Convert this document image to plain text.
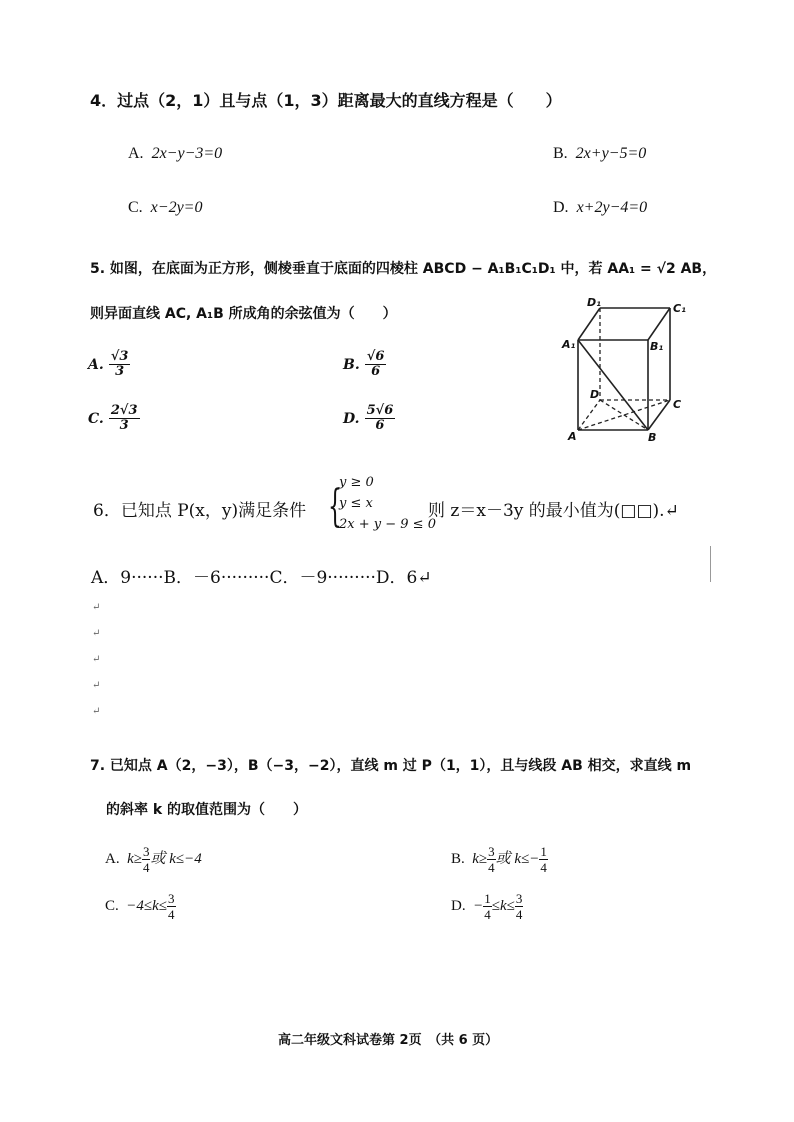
4．过点（2，1）且与点（1，3）距离最大的直线方程是（　　）
A. 2x−y−3=0	B. 2x+y−5=0
C. x−2y=0	D. x+2y−4=0
5. 如图，在底面为正方形，侧棱垂直于底面的四棱柱 ABCD − A₁B₁C₁D₁ 中，若 AA₁ = √2 AB，
则异面直线 AC, A₁B 所成角的余弦值为（　　）
A. $\frac{√3}{3}$	B. $\frac{√6}{6}$
C. $\frac{2√3}{3}$	D. $\frac{5√6}{6}$
D₁	C₁
A₁	B₁
D
C
A	B
6．已知点 P(x，y)满足条件 {
y ≥ 0
y ≤ x
2x + y − 9 ≤ 0
则 z＝x－3y 的最小值为(□□).↵
A．9······B．－6·········C．－9·········D．6↵
↵
↵
↵
↵
↵
7. 已知点 A（2，−3），B（−3，−2），直线 m 过 P（1，1），且与线段 AB 相交，求直线 m
的斜率 k 的取值范围为（　　）
A. $k\ge \frac{3}{4}$ 或 k≤−4	B. $k\ge \frac{3}{4}$ 或 $k\le- \frac{1}{4}$
C. $-4\le k\le \frac{3}{4}$	D. − $\frac{1}{4} \le k\le \frac{3}{4}$
高二年级文科试卷第 2页　（共 6 页）
